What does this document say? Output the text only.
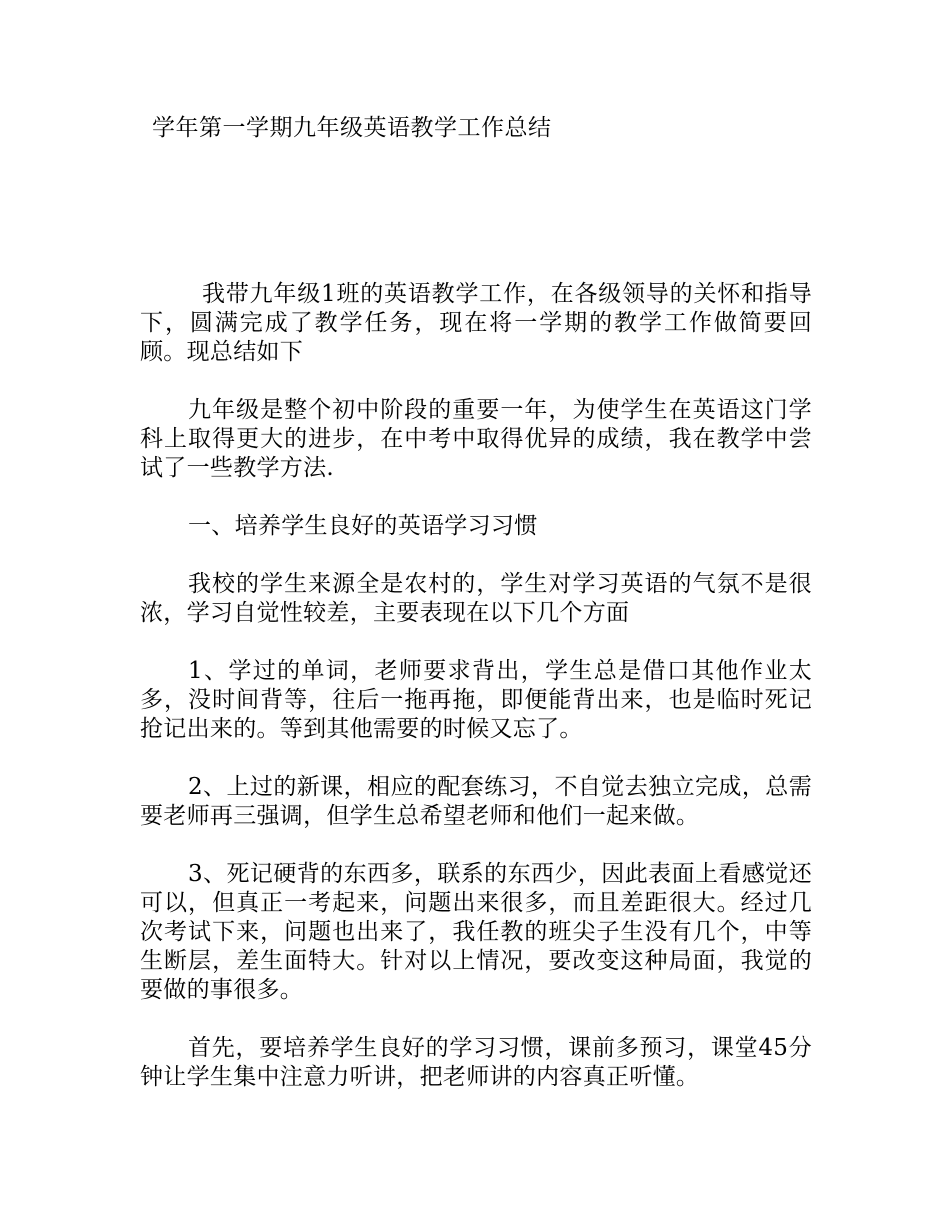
学年第一学期九年级英语教学工作总结

我带九年级1班的英语教学工作，在各级领导的关怀和指导下，圆满完成了教学任务，现在将一学期的教学工作做简要回顾。现总结如下

九年级是整个初中阶段的重要一年，为使学生在英语这门学科上取得更大的进步，在中考中取得优异的成绩，我在教学中尝试了一些教学方法.

一、培养学生良好的英语学习习惯

我校的学生来源全是农村的，学生对学习英语的气氛不是很浓，学习自觉性较差，主要表现在以下几个方面

1、学过的单词，老师要求背出，学生总是借口其他作业太多，没时间背等，往后一拖再拖，即便能背出来，也是临时死记抢记出来的。等到其他需要的时候又忘了。

2、上过的新课，相应的配套练习，不自觉去独立完成，总需要老师再三强调，但学生总希望老师和他们一起来做。

3、死记硬背的东西多，联系的东西少，因此表面上看感觉还可以，但真正一考起来，问题出来很多，而且差距很大。经过几次考试下来，问题也出来了，我任教的班尖子生没有几个，中等生断层，差生面特大。针对以上情况，要改变这种局面，我觉的要做的事很多。

首先，要培养学生良好的学习习惯，课前多预习，课堂45分钟让学生集中注意力听讲，把老师讲的内容真正听懂。
